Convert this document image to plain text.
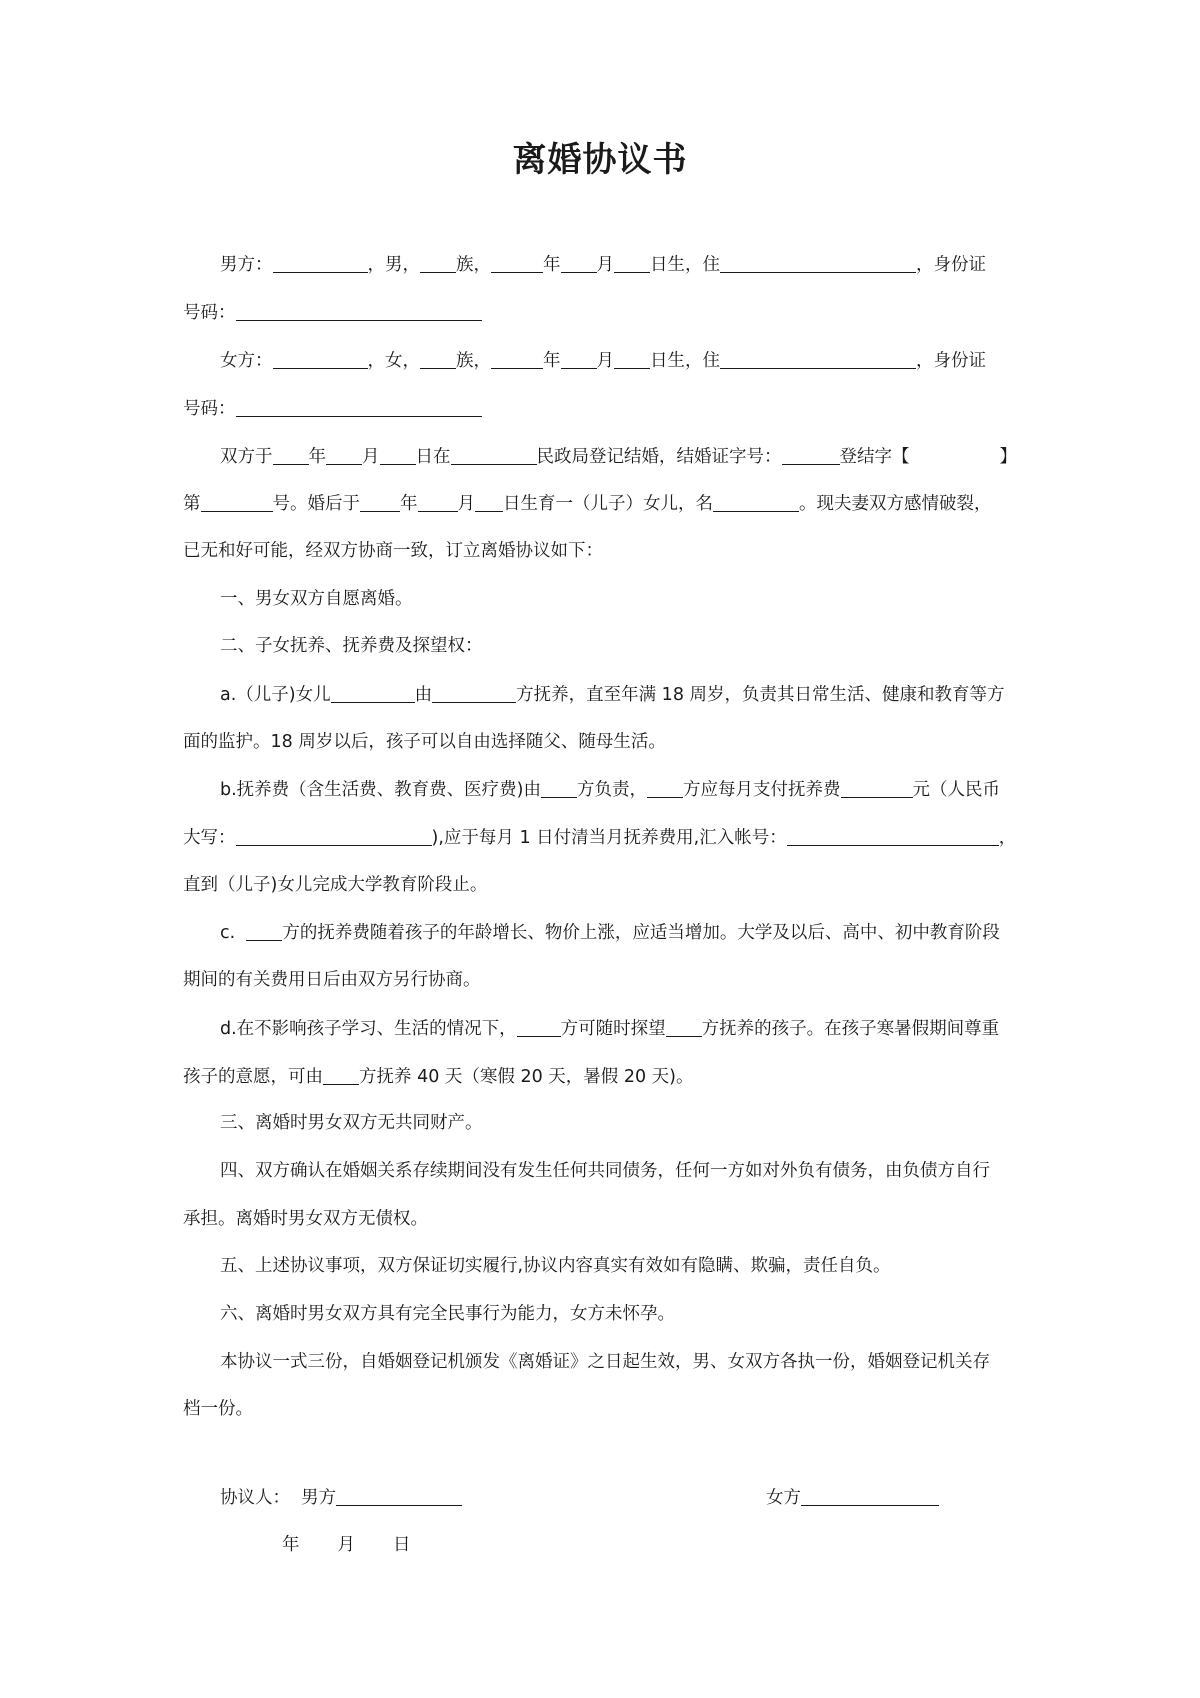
离婚协议书
男方：	，男， 族，	年 月 日生，住	，身份证
号码：
女方：	，女， 族，	年 月 日生，住	，身份证
号码：
双方于 年 月 日在	民政局登记结婚，结婚证字号：	登结字【	】
第	号。婚后于 年 月 日生育一（儿子）女儿，名	。现夫妻双方感情破裂，
已无和好可能，经双方协商一致，订立离婚协议如下：
一、男女双方自愿离婚。
二、子女抚养、抚养费及探望权：
a.（儿子)女儿	由	方抚养，直至年满 18 周岁，负责其日常生活、健康和教育等方
面的监护。18 周岁以后，孩子可以自由选择随父、随母生活。
b.抚养费（含生活费、教育费、医疗费)由 方负责， 方应每月支付抚养费	元（人民币
大写：	),应于每月 1 日付清当月抚养费用,汇入帐号：	，
直到（儿子)女儿完成大学教育阶段止。
c.	方的抚养费随着孩子的年龄增长、物价上涨，应适当增加。大学及以后、高中、初中教育阶段
期间的有关费用日后由双方另行协商。
d.在不影响孩子学习、生活的情况下，	方可随时探望 方抚养的孩子。在孩子寒暑假期间尊重
孩子的意愿，可由 方抚养 40 天（寒假 20 天，暑假 20 天)。
三、离婚时男女双方无共同财产。
四、双方确认在婚姻关系存续期间没有发生任何共同债务，任何一方如对外负有债务，由负债方自行
承担。离婚时男女双方无债权。
五、上述协议事项，双方保证切实履行,协议内容真实有效如有隐瞒、欺骗，责任自负。
六、离婚时男女双方具有完全民事行为能力，女方未怀孕。
本协议一式三份，自婚姻登记机颁发《离婚证》之日起生效，男、女双方各执一份，婚姻登记机关存
档一份。
协议人： 男方	女方
年 月 日
